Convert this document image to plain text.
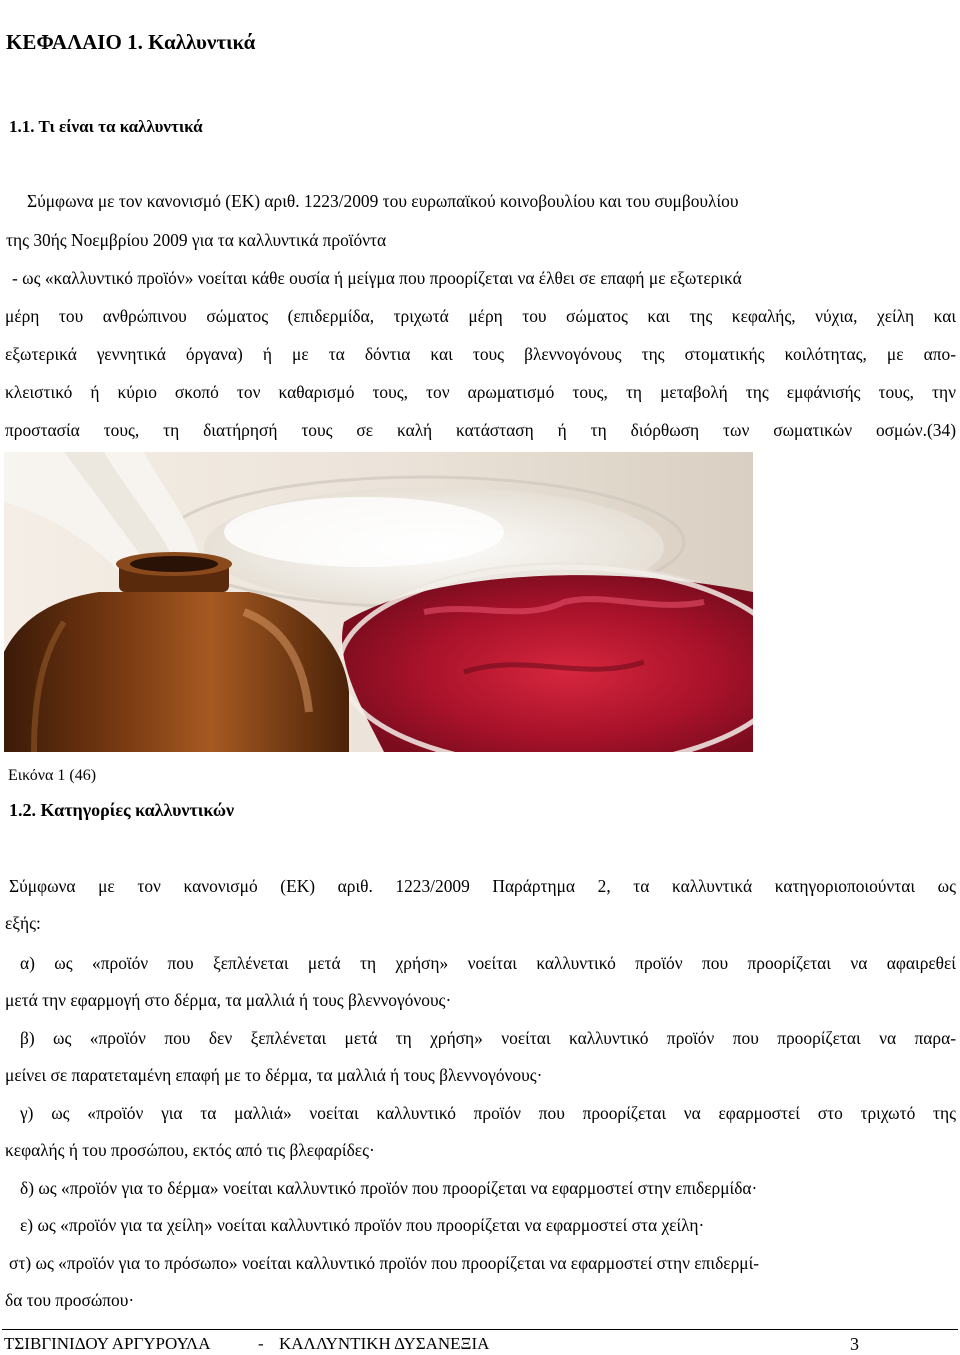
ΚΕΦΑΛΑΙΟ 1. Καλλυντικά
1.1. Τι είναι τα καλλυντικά
Σύμφωνα με τον κανονισμό (ΕΚ) αριθ. 1223/2009 του ευρωπαϊκού κοινοβουλίου και του συμβουλίου
της 30ής Νοεμβρίου 2009 για τα καλλυντικά προϊόντα
- ως «καλλυντικό προϊόν» νοείται κάθε ουσία ή μείγμα που προορίζεται να έλθει σε επαφή με εξωτερικά
μέρη του ανθρώπινου σώματος (επιδερμίδα, τριχωτά μέρη του σώματος και της κεφαλής, νύχια, χείλη και
εξωτερικά γεννητικά όργανα) ή με τα δόντια και τους βλεννογόνους της στοματικής κοιλότητας, με απο-
κλειστικό ή κύριο σκοπό τον καθαρισμό τους, τον αρωματισμό τους, τη μεταβολή της εμφάνισής τους, την
προστασία τους, τη διατήρησή τους σε καλή κατάσταση ή τη διόρθωση των σωματικών οσμών.(34)
Εικόνα 1 (46)
1.2. Κατηγορίες καλλυντικών
Σύμφωνα με τον κανονισμό (ΕΚ) αριθ. 1223/2009 Παράρτημα 2, τα καλλυντικά κατηγοριοποιούνται ως
εξής:
α) ως «προϊόν που ξεπλένεται μετά τη χρήση» νοείται καλλυντικό προϊόν που προορίζεται να αφαιρεθεί
μετά την εφαρμογή στο δέρμα, τα μαλλιά ή τους βλεννογόνους·
β) ως «προϊόν που δεν ξεπλένεται μετά τη χρήση» νοείται καλλυντικό προϊόν που προορίζεται να παρα-
μείνει σε παρατεταμένη επαφή με το δέρμα, τα μαλλιά ή τους βλεννογόνους·
γ) ως «προϊόν για τα μαλλιά» νοείται καλλυντικό προϊόν που προορίζεται να εφαρμοστεί στο τριχωτό της
κεφαλής ή του προσώπου, εκτός από τις βλεφαρίδες·
δ) ως «προϊόν για το δέρμα» νοείται καλλυντικό προϊόν που προορίζεται να εφαρμοστεί στην επιδερμίδα·
ε) ως «προϊόν για τα χείλη» νοείται καλλυντικό προϊόν που προορίζεται να εφαρμοστεί στα χείλη·
στ) ως «προϊόν για το πρόσωπο» νοείται καλλυντικό προϊόν που προορίζεται να εφαρμοστεί στην επιδερμί-
δα του προσώπου·
ΤΣΙΒΓΙΝΙΔΟΥ ΑΡΓΥΡΟΥΛΑ	- ΚΑΛΛΥΝΤΙΚΗ ΔΥΣΑΝΕΞΙΑ	3
